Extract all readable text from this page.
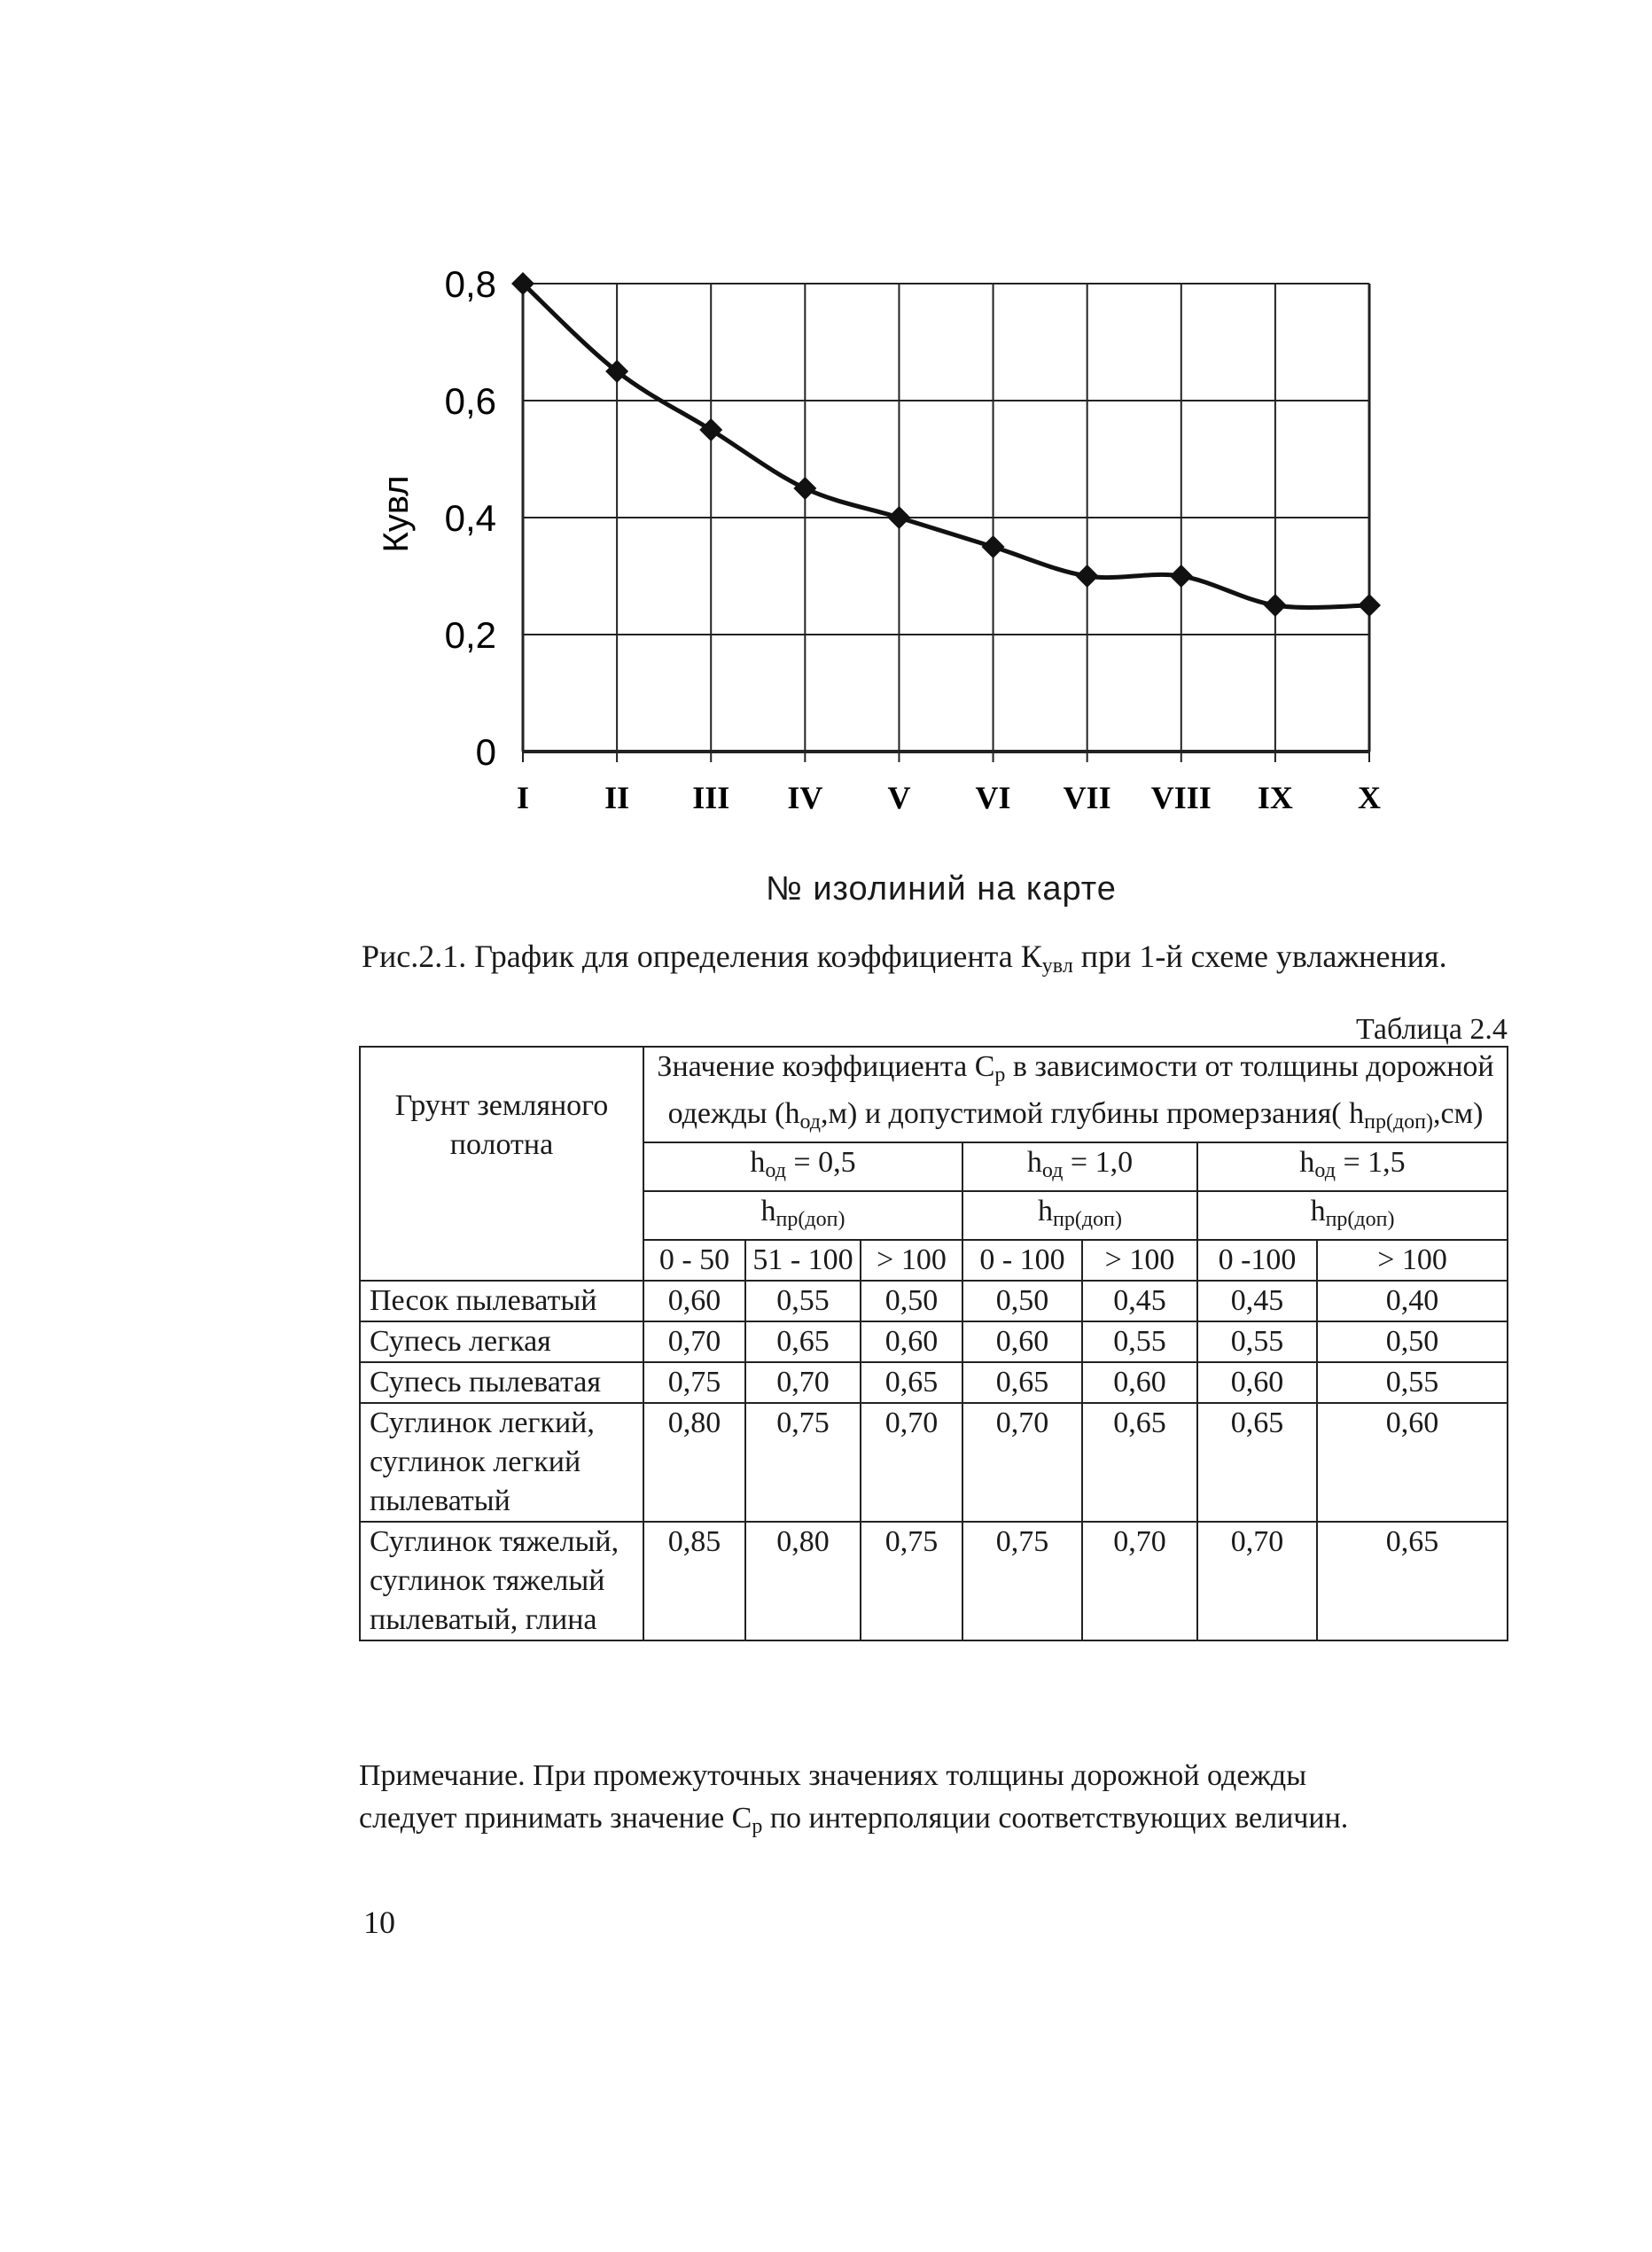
0,8
0,6
0,4
0,2
0
I II III IV V VI VII VIII IX X
Кувл
№ изолиний на карте
Рис.2.1. График для определения коэффициента $К_{увл}$ при 1-й схеме увлажнения.
Таблица 2.4
Грунт земляного полотна	Значение коэффициента $С_р$ в зависимости от толщины дорожной одежды $(h_{од},м)$ и допустимой глубины промерзания( $h_{пр(доп)},см$)						
	$h_{од} = 0,5$			$h_{од} = 1,0$		$h_{од} = 1,5$	
	$h_{пр(доп)}$			$h_{пр(доп)}$		$h_{пр(доп)}$
	0 - 50	51 - 100	> 100	0 - 100	> 100	0 -100	> 100
Песок пылеватый	0,60	0,55	0,50	0,50	0,45	0,45	0,40
Супесь легкая	0,70	0,65	0,60	0,60	0,55	0,55	0,50
Супесь пылеватая	0,75	0,70	0,65	0,65	0,60	0,60	0,55
Суглинок легкий, суглинок легкий пылеватый	0,80	0,75	0,70	0,70	0,65	0,65	0,60
Суглинок тяжелый, суглинок тяжелый пылеватый, глина	0,85	0,80	0,75	0,75	0,70	0,70	0,65
Примечание. При промежуточных значениях толщины дорожной одежды
следует принимать значение $С_р$ по интерполяции соответствующих величин.
10
